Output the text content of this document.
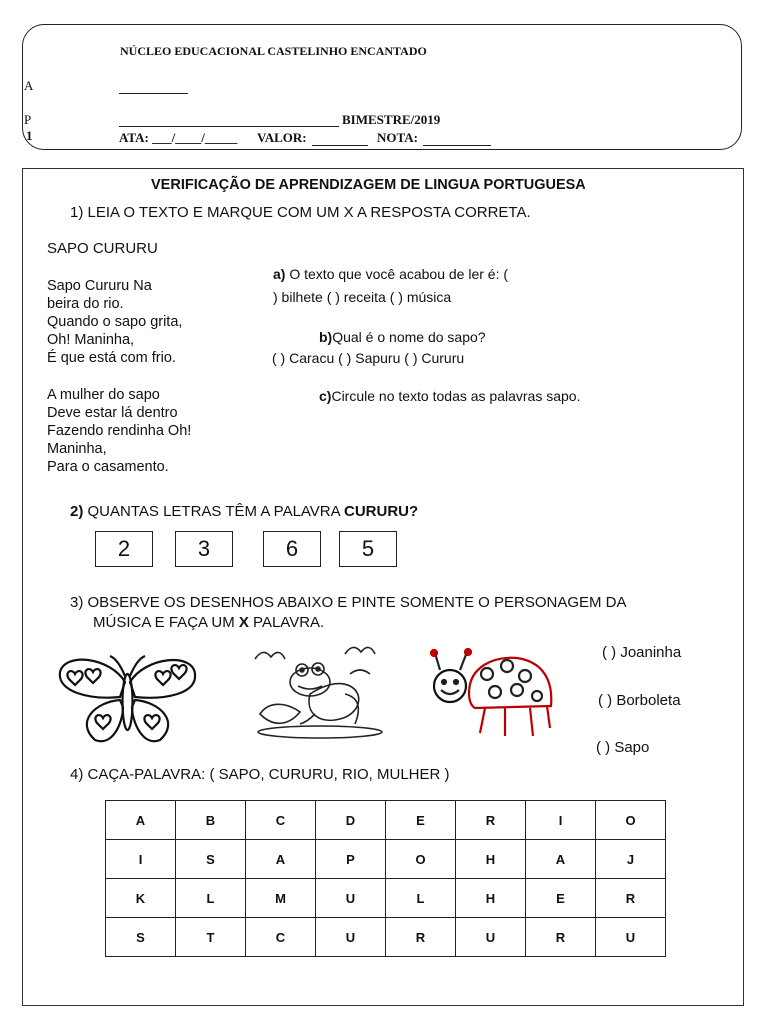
NÚCLEO EDUCACIONAL CASTELINHO ENCANTADO
A
P	BIMESTRE/2019
1	ATA: ___/____/_____ VALOR:	NOTA:
VERIFICAÇÃO DE APRENDIZAGEM DE LINGUA PORTUGUESA
1) LEIA O TEXTO E MARQUE COM UM X A RESPOSTA CORRETA.
SAPO CURURU
Sapo Cururu Na
beira do rio.
Quando o sapo grita,
Oh! Maninha,
É que está com frio.
A mulher do sapo
Deve estar lá dentro
Fazendo rendinha Oh!
Maninha,
Para o casamento.
a) O texto que você acabou de ler é: (
) bilhete ( ) receita ( ) música
b)Qual é o nome do sapo?
( ) Caracu ( ) Sapuru ( ) Cururu
c)Circule no texto todas as palavras sapo.
2) QUANTAS LETRAS TÊM A PALAVRA CURURU?
2	3	6	5
3) OBSERVE OS DESENHOS ABAIXO E PINTE SOMENTE O PERSONAGEM DA
MÚSICA E FAÇA UM X PALAVRA.
( ) Joaninha
( ) Borboleta
( ) Sapo
4) CAÇA-PALAVRA: ( SAPO, CURURU, RIO, MULHER )
A	B	C	D	E	R	I	O
I	S	A	P	O	H	A	J
K	L	M	U	L	H	E	R
S	T	C	U	R	U	R	U
